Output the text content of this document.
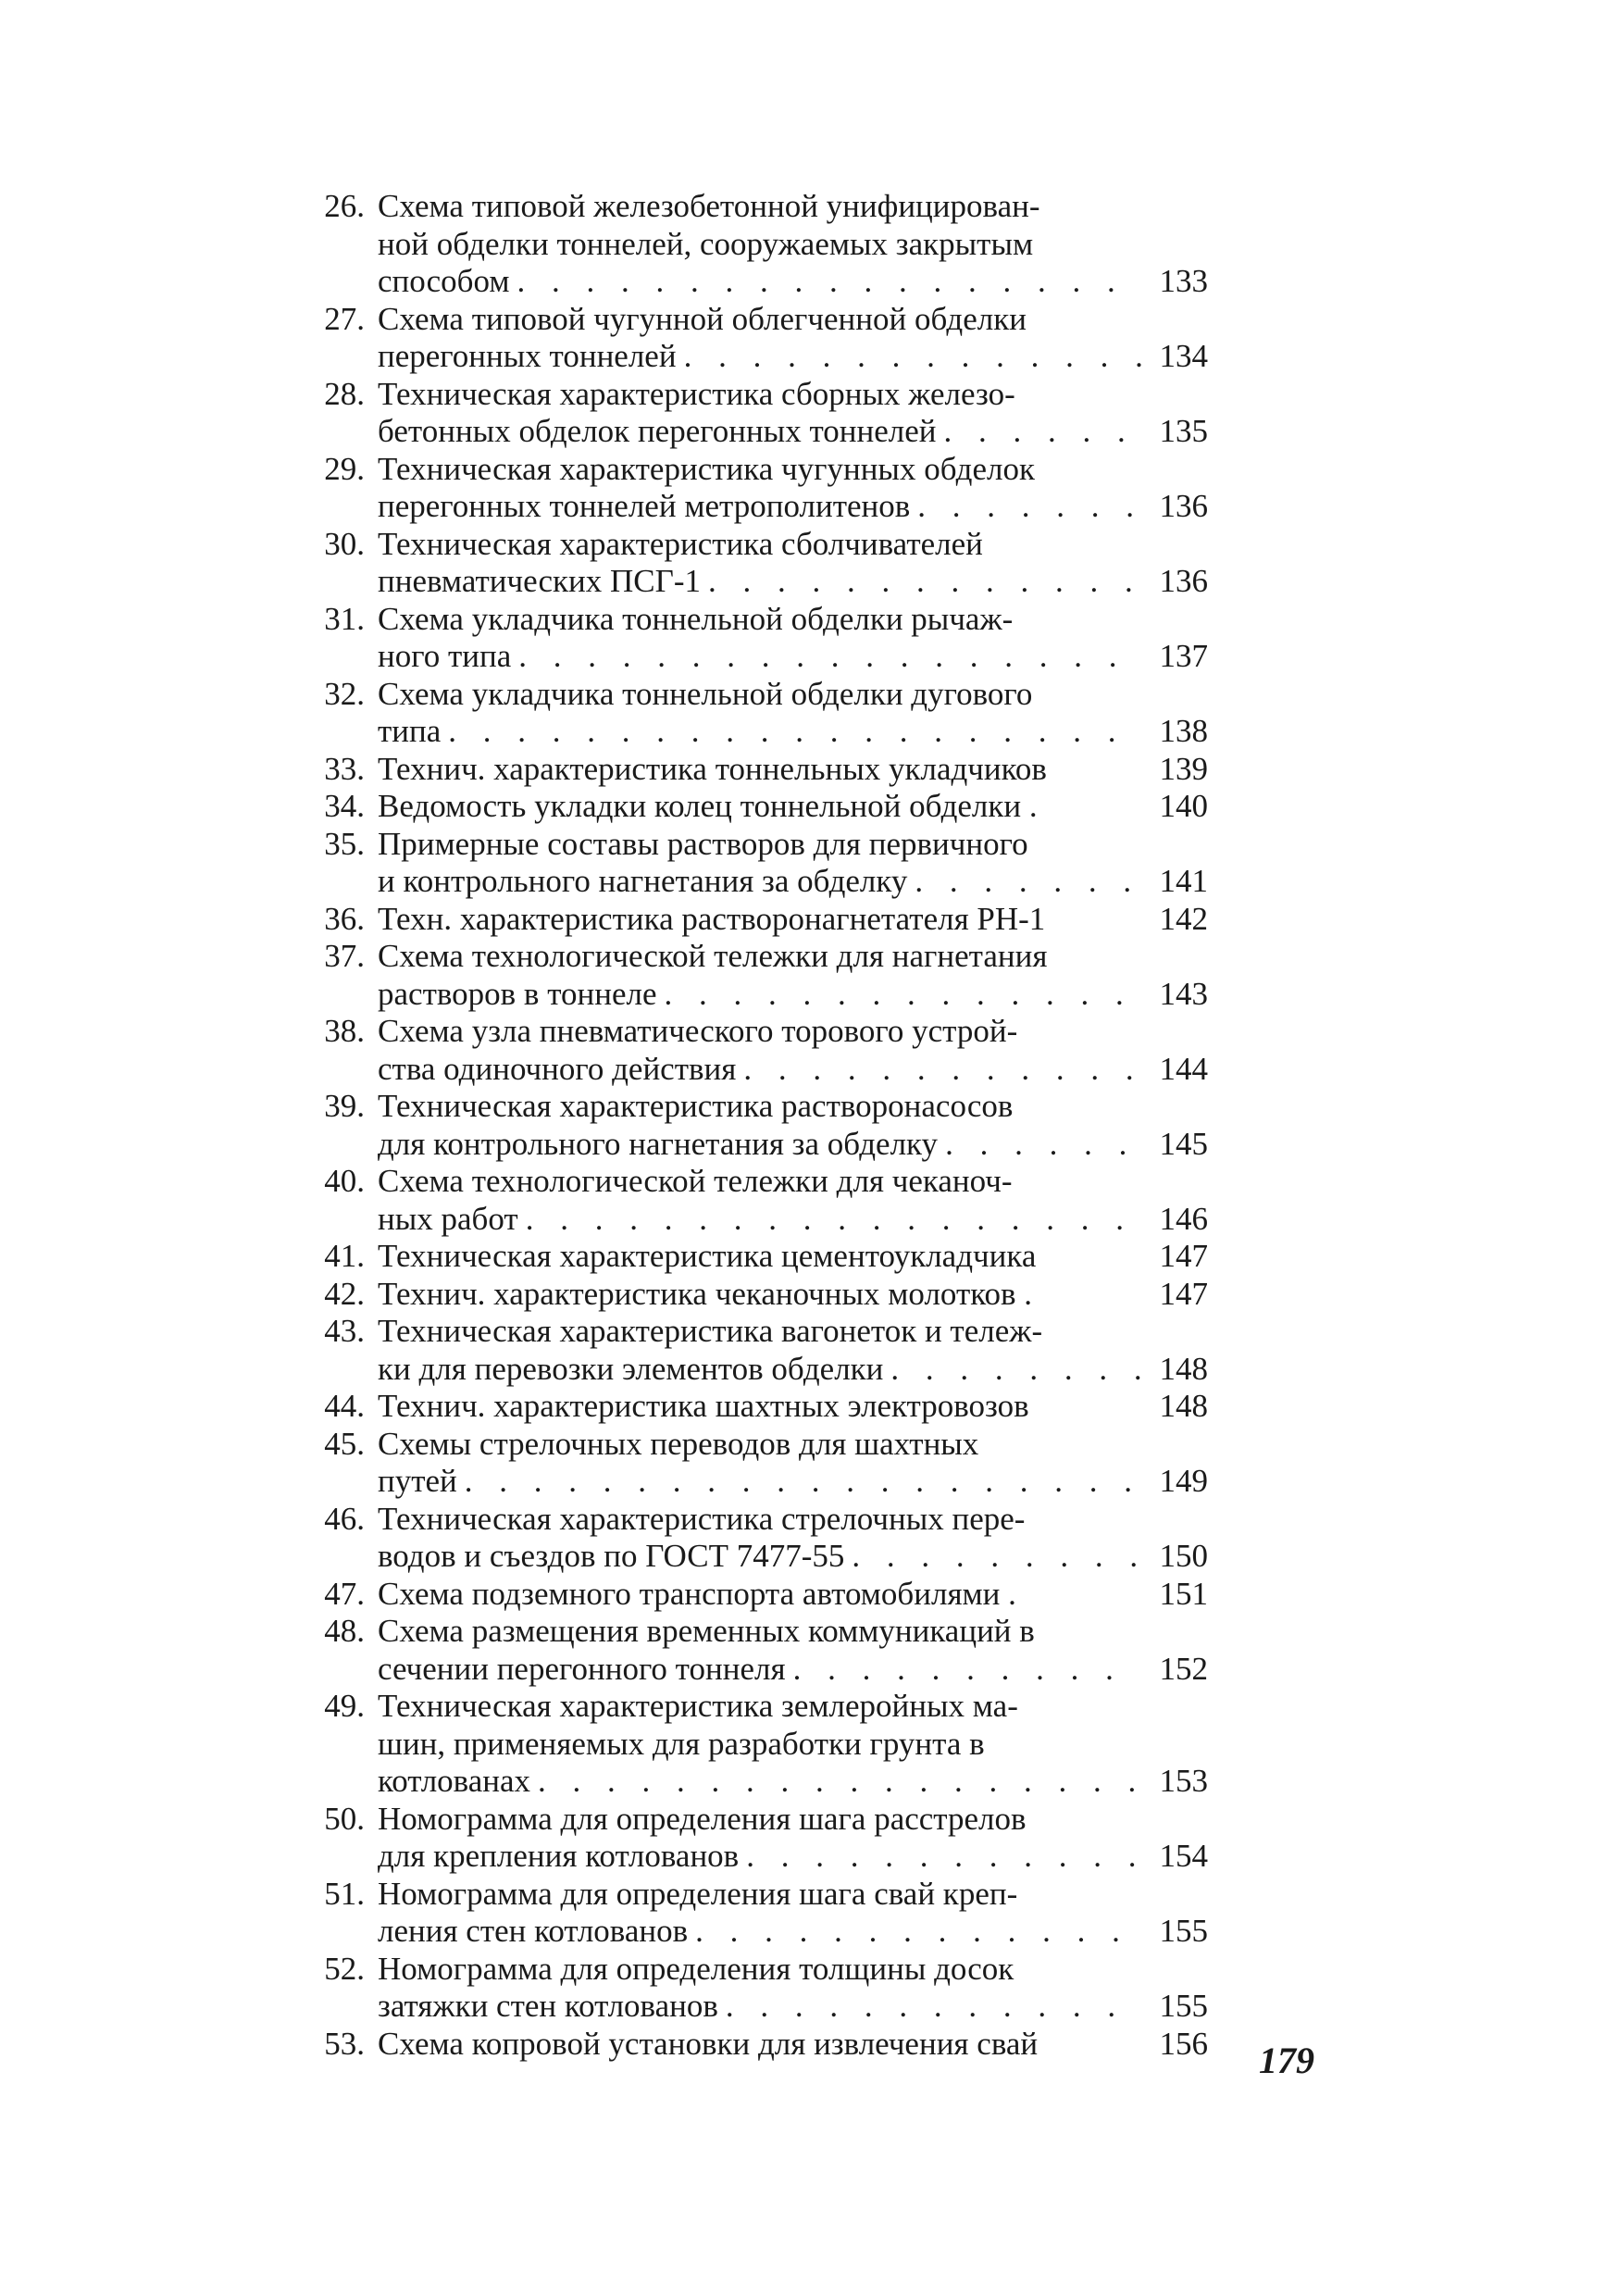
26. Схема типовой железобетонной унифицирован-
ной обделки тоннелей, сооружаемых закрытым
способом . . .	133
27. Схема типовой чугунной облегченной обделки
перегонных тоннелей . . .	134
28. Техническая характеристика сборных железо-
бетонных обделок перегонных тоннелей . . .	135
29. Техническая характеристика чугунных обделок
перегонных тоннелей метрополитенов . . .	136
30. Техническая характеристика сболчивателей
пневматических ПСГ-1 . . .	136
31. Схема укладчика тоннельной обделки рычаж-
ного типа . . .	137
32. Схема укладчика тоннельной обделки дугового
типа . . .	138
33. Технич. характеристика тоннельных укладчиков	139
34. Ведомость укладки колец тоннельной обделки .	140
35. Примерные составы растворов для первичного
и контрольного нагнетания за обделку . . .	141
36. Техн. характеристика растворонагнетателя РН-1	142
37. Схема технологической тележки для нагнетания
растворов в тоннеле . . .	143
38. Схема узла пневматического торового устрой-
ства одиночного действия . . .	144
39. Техническая характеристика растворонасосов
для контрольного нагнетания за обделку . . .	145
40. Схема технологической тележки для чеканоч-
ных работ . . .	146
41. Техническая характеристика цементоукладчика	147
42. Технич. характеристика чеканочных молотков .	147
43. Техническая характеристика вагонеток и тележ-
ки для перевозки элементов обделки . . .	148
44. Технич. характеристика шахтных электровозов	148
45. Схемы стрелочных переводов для шахтных
путей . . .	149
46. Техническая характеристика стрелочных пере-
водов и съездов по ГОСТ 7477-55 . . .	150
47. Схема подземного транспорта автомобилями .	151
48. Схема размещения временных коммуникаций в
сечении перегонного тоннеля . . .	152
49. Техническая характеристика землеройных ма-
шин, применяемых для разработки грунта в
котлованах . . .	153
50. Номограмма для определения шага расстрелов
для крепления котлованов . . .	154
51. Номограмма для определения шага свай креп-
ления стен котлованов . . .	155
52. Номограмма для определения толщины досок
затяжки стен котлованов . . .	155
53. Схема копровой установки для извлечения свай	156 179
